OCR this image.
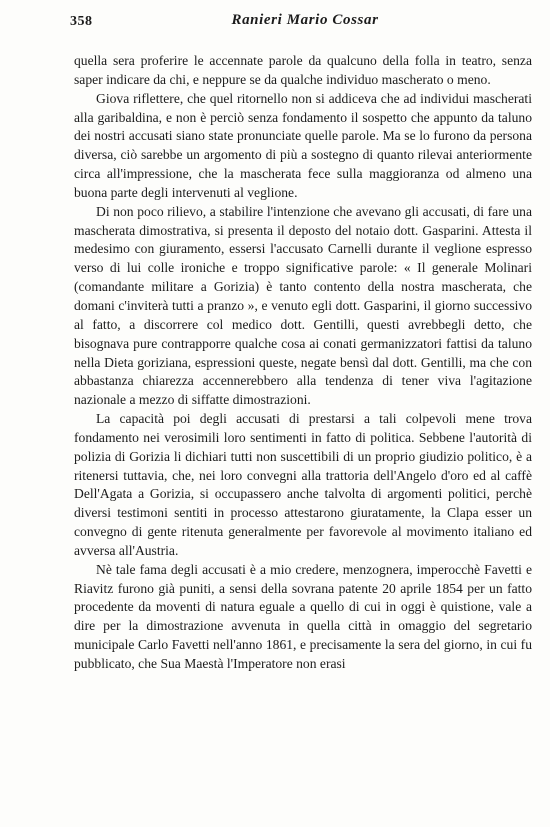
358	Ranieri Mario Cossar

quella sera proferire le accennate parole da qualcuno della folla in teatro, senza saper indicare da chi, e neppure se da qualche individuo mascherato o meno.

Giova riflettere, che quel ritornello non si addiceva che ad individui mascherati alla garibaldina, e non è perciò senza fondamento il sospetto che appunto da taluno dei nostri accusati siano state pronunciate quelle parole. Ma se lo furono da persona diversa, ciò sarebbe un argomento di più a sostegno di quanto rilevai anteriormente circa all'impressione, che la mascherata fece sulla maggioranza od almeno una buona parte degli intervenuti al veglione.

Di non poco rilievo, a stabilire l'intenzione che avevano gli accusati, di fare una mascherata dimostrativa, si presenta il deposto del notaio dott. Gasparini. Attesta il medesimo con giuramento, essersi l'accusato Carnelli durante il veglione espresso verso di lui colle ironiche e troppo significative parole: « Il generale Molinari (comandante militare a Gorizia) è tanto contento della nostra mascherata, che domani c'inviterà tutti a pranzo », e venuto egli dott. Gasparini, il giorno successivo al fatto, a discorrere col medico dott. Gentilli, questi avrebbegli detto, che bisognava pure contrapporre qualche cosa ai conati germanizzatori fattisi da taluno nella Dieta goriziana, espressioni queste, negate bensì dal dott. Gentilli, ma che con abbastanza chiarezza accennerebbero alla tendenza di tener viva l'agitazione nazionale a mezzo di siffatte dimostrazioni.

La capacità poi degli accusati di prestarsi a tali colpevoli mene trova fondamento nei verosimili loro sentimenti in fatto di politica. Sebbene l'autorità di polizia di Gorizia li dichiari tutti non suscettibili di un proprio giudizio politico, è a ritenersi tuttavia, che, nei loro convegni alla trattoria dell'Angelo d'oro ed al caffè Dell'Agata a Gorizia, si occupassero anche talvolta di argomenti politici, perchè diversi testimoni sentiti in processo attestarono giuratamente, la Clapa esser un convegno di gente ritenuta generalmente per favorevole al movimento italiano ed avversa all'Austria.

Nè tale fama degli accusati è a mio credere, menzognera, imperocchè Favetti e Riavitz furono già puniti, a sensi della sovrana patente 20 aprile 1854 per un fatto procedente da moventi di natura eguale a quello di cui in oggi è quistione, vale a dire per la dimostrazione avvenuta in quella città in omaggio del segretario municipale Carlo Favetti nell'anno 1861, e precisamente la sera del giorno, in cui fu pubblicato, che Sua Maestà l'Imperatore non erasi
